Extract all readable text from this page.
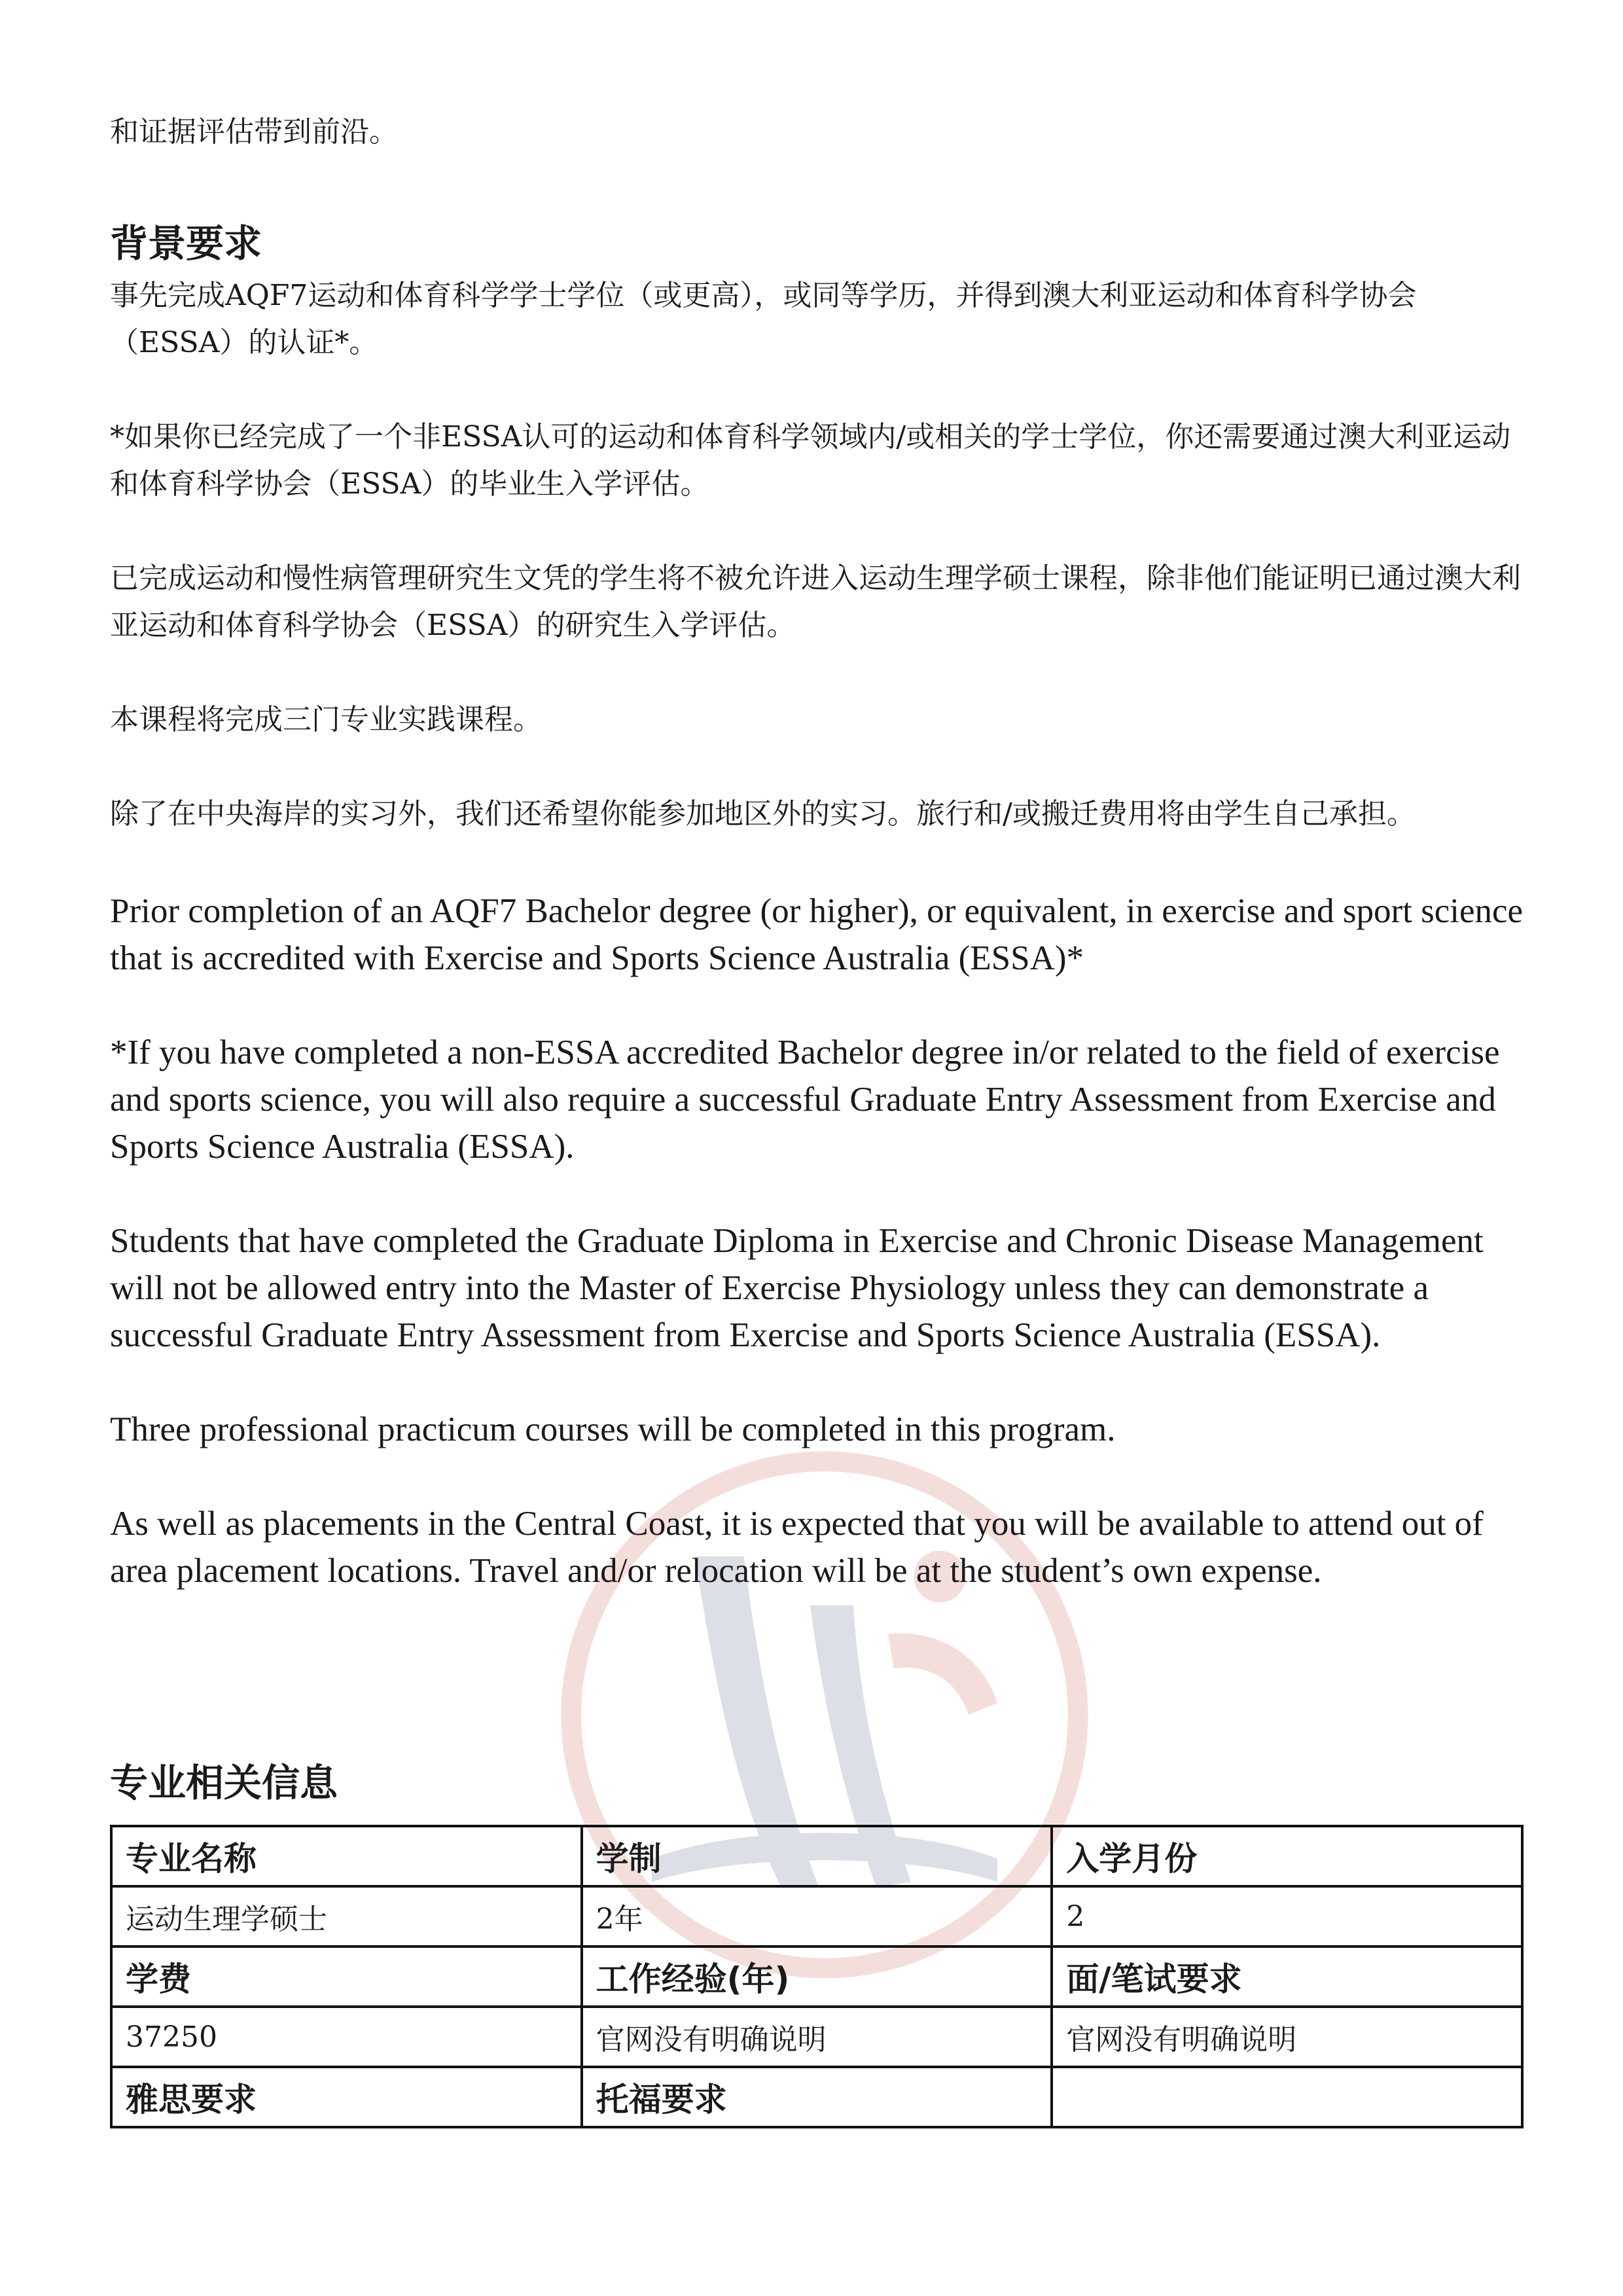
和证据评估带到前沿。

背景要求

事先完成AQF7运动和体育科学学士学位（或更高），或同等学历，并得到澳大利亚运动和体育科学协会（ESSA）的认证*。

*如果你已经完成了一个非ESSA认可的运动和体育科学领域内/或相关的学士学位，你还需要通过澳大利亚运动和体育科学协会（ESSA）的毕业生入学评估。

已完成运动和慢性病管理研究生文凭的学生将不被允许进入运动生理学硕士课程，除非他们能证明已通过澳大利亚运动和体育科学协会（ESSA）的研究生入学评估。

本课程将完成三门专业实践课程。

除了在中央海岸的实习外，我们还希望你能参加地区外的实习。旅行和/或搬迁费用将由学生自己承担。

Prior completion of an AQF7 Bachelor degree (or higher), or equivalent, in exercise and sport science that is accredited with Exercise and Sports Science Australia (ESSA)*

*If you have completed a non-ESSA accredited Bachelor degree in/or related to the field of exercise and sports science, you will also require a successful Graduate Entry Assessment from Exercise and Sports Science Australia (ESSA).

Students that have completed the Graduate Diploma in Exercise and Chronic Disease Management will not be allowed entry into the Master of Exercise Physiology unless they can demonstrate a successful Graduate Entry Assessment from Exercise and Sports Science Australia (ESSA).

Three professional practicum courses will be completed in this program.

As well as placements in the Central Coast, it is expected that you will be available to attend out of area placement locations. Travel and/or relocation will be at the student’s own expense.

专业相关信息
专业名称	学制	入学月份
运动生理学硕士	2年	2
学费	工作经验(年)	面/笔试要求
37250	官网没有明确说明	官网没有明确说明
雅思要求	托福要求	
